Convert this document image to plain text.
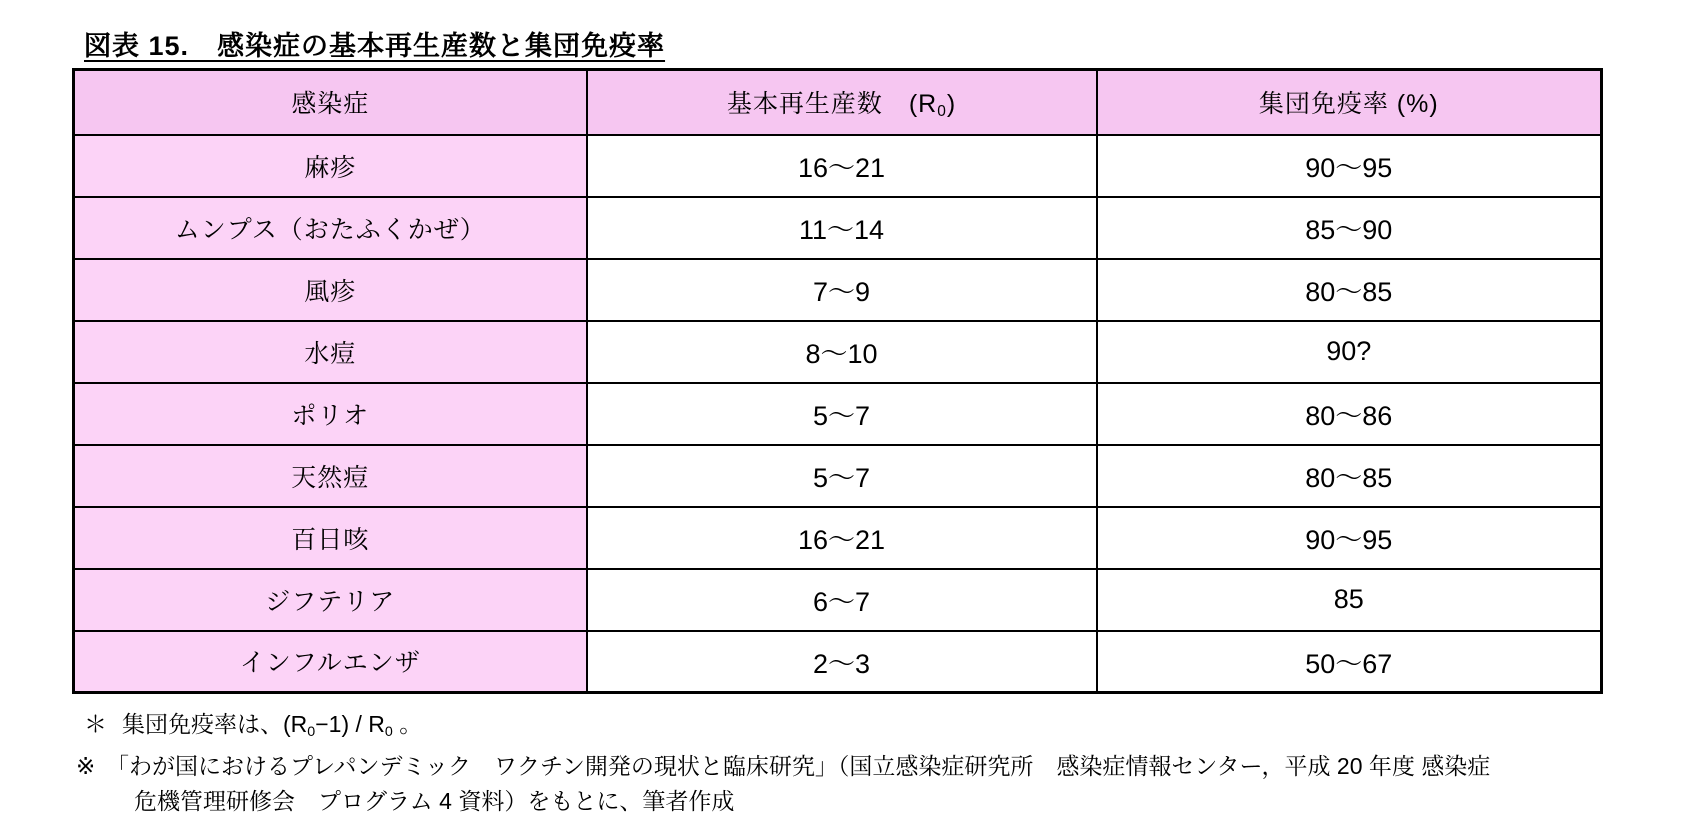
図表 15.　感染症の基本再生産数と集団免疫率
感染症	基本再生産数　$(R_0)$	集団免疫率 (%)
麻疹	16〜21	90〜95
ムンプス（おたふくかぜ）	11〜14	85〜90
風疹	7〜9	80〜85
水痘	8〜10	90?
ポリオ	5〜7	80〜86
天然痘	5〜7	80〜85
百日咳	16〜21	90〜95
ジフテリア	6〜7	85
インフルエンザ	2〜3	50〜67
＊ 集団免疫率は、$(R_0-1) / R_0$ 。
※ 「わが国におけるプレパンデミック　ワクチン開発の現状と臨床研究」（国立感染症研究所　感染症情報センター，平成 20 年度 感染症
危機管理研修会　プログラム 4 資料）をもとに、筆者作成
